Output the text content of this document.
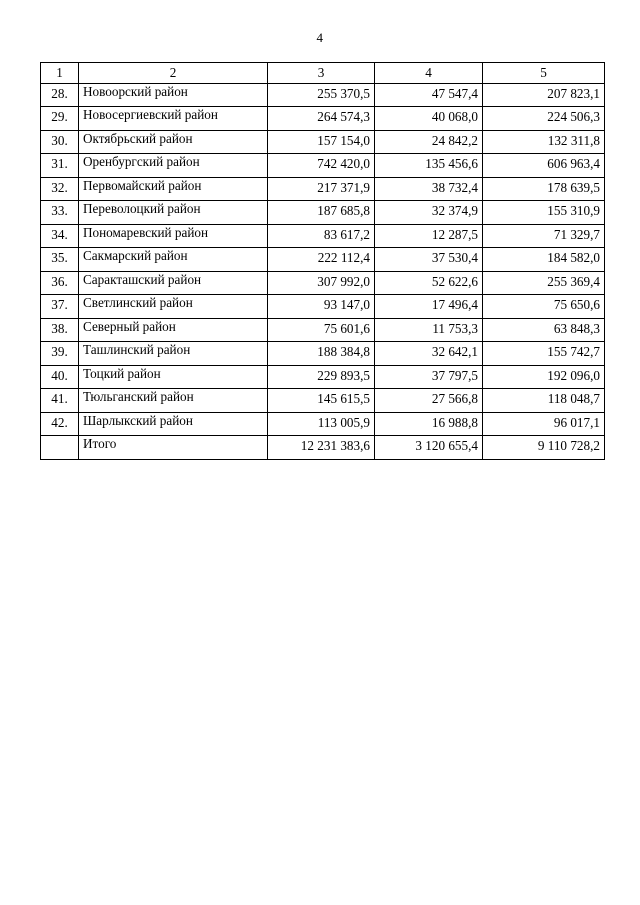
4
1	2	3	4	5
28.	Новоорский район	255 370,5	47 547,4	207 823,1
29.	Новосергиевский район	264 574,3	40 068,0	224 506,3
30.	Октябрьский район	157 154,0	24 842,2	132 311,8
31.	Оренбургский район	742 420,0	135 456,6	606 963,4
32.	Первомайский район	217 371,9	38 732,4	178 639,5
33.	Переволоцкий район	187 685,8	32 374,9	155 310,9
34.	Пономаревский район	83 617,2	12 287,5	71 329,7
35.	Сакмарский район	222 112,4	37 530,4	184 582,0
36.	Саракташский район	307 992,0	52 622,6	255 369,4
37.	Светлинский район	93 147,0	17 496,4	75 650,6
38.	Северный район	75 601,6	11 753,3	63 848,3
39.	Ташлинский район	188 384,8	32 642,1	155 742,7
40.	Тоцкий район	229 893,5	37 797,5	192 096,0
41.	Тюльганский район	145 615,5	27 566,8	118 048,7
42.	Шарлыкский район	113 005,9	16 988,8	96 017,1
	Итого	12 231 383,6	3 120 655,4	9 110 728,2
